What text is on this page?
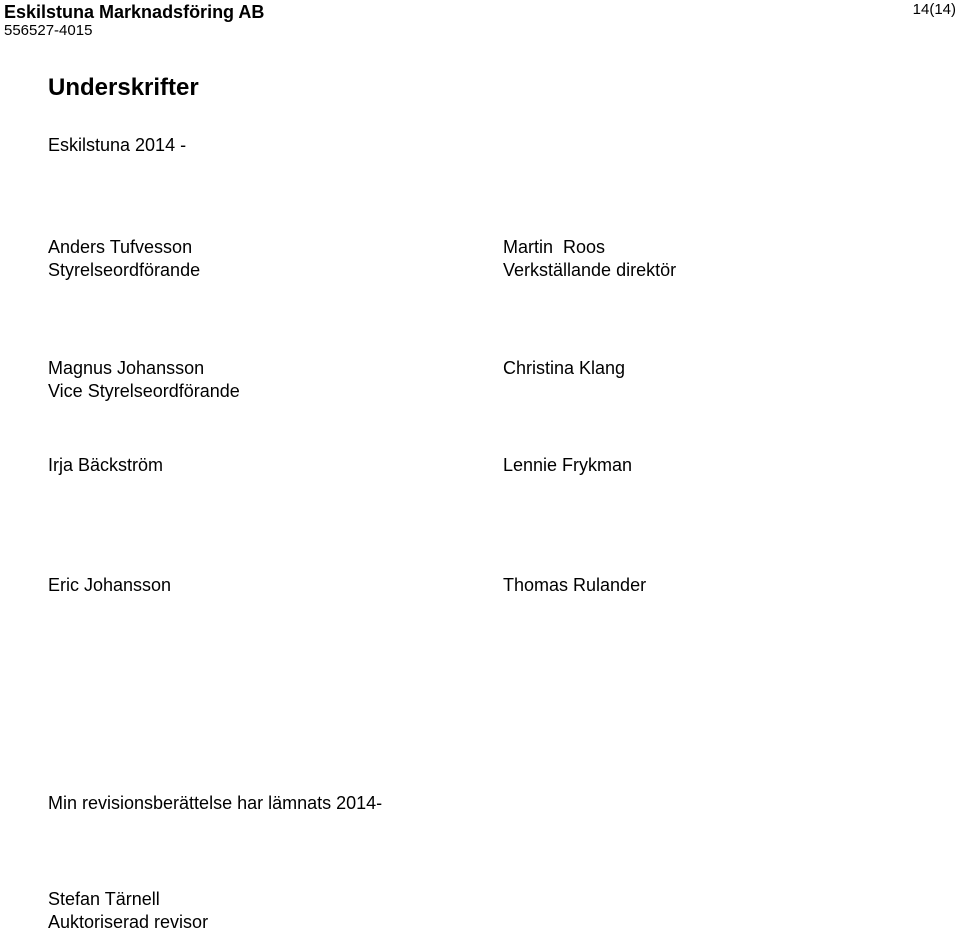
Eskilstuna Marknadsföring AB
556527-4015
14(14)
Underskrifter
Eskilstuna 2014 -
Anders Tufvesson
Styrelseordförande
Martin  Roos
Verkställande direktör
Magnus Johansson
Vice Styrelseordförande
Christina Klang
Irja Bäckström	Lennie Frykman
Eric Johansson	Thomas Rulander
Min revisionsberättelse har lämnats 2014-
Stefan Tärnell
Auktoriserad revisor
